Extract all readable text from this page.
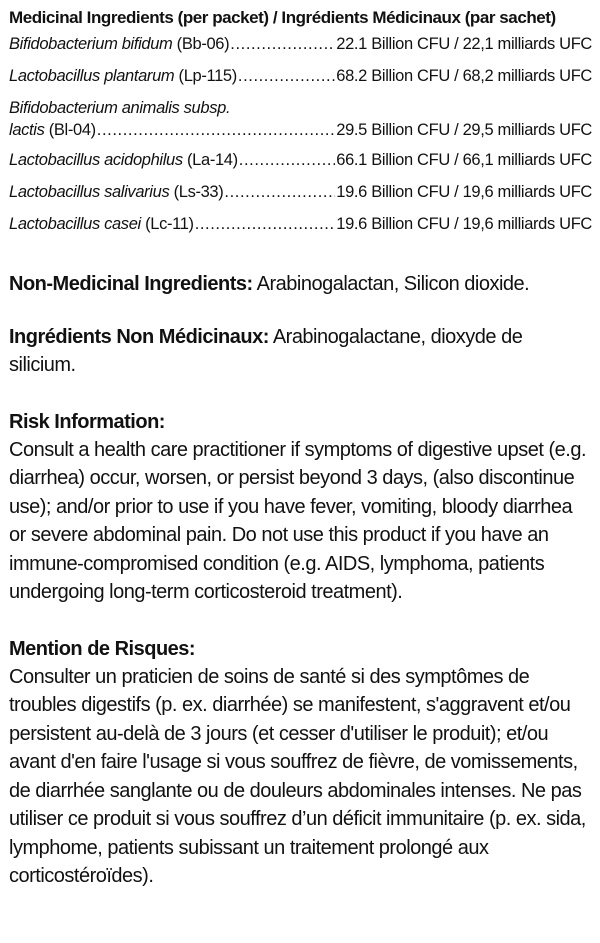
Medicinal Ingredients (per packet) / Ingrédients Médicinaux (par sachet)
Bifidobacterium bifidum (Bb-06) .....	22.1 Billion CFU / 22,1 milliards UFC
Lactobacillus plantarum (Lp-115) .....	68.2 Billion CFU / 68,2 milliards UFC
Bifidobacterium animalis subsp.
lactis (Bl-04) .....	29.5 Billion CFU / 29,5 milliards UFC
Lactobacillus acidophilus (La-14) .....	66.1 Billion CFU / 66,1 milliards UFC
Lactobacillus salivarius (Ls-33) .....	19.6 Billion CFU / 19,6 milliards UFC
Lactobacillus casei (Lc-11) .....	19.6 Billion CFU / 19,6 milliards UFC

Non-Medicinal Ingredients: Arabinogalactan, Silicon dioxide.

Ingrédients Non Médicinaux: Arabinogalactane, dioxyde de silicium.

Risk Information:

Consult a health care practitioner if symptoms of digestive upset (e.g. diarrhea) occur, worsen, or persist beyond 3 days, (also discontinue use); and/or prior to use if you have fever, vomiting, bloody diarrhea or severe abdominal pain. Do not use this product if you have an immune-compromised condition (e.g. AIDS, lymphoma, patients undergoing long-term corticosteroid treatment).

Mention de Risques:

Consulter un praticien de soins de santé si des symptômes de troubles digestifs (p. ex. diarrhée) se manifestent, s'aggravent et/ou persistent au-delà de 3 jours (et cesser d'utiliser le produit); et/ou avant d'en faire l'usage si vous souffrez de fièvre, de vomissements, de diarrhée sanglante ou de douleurs abdominales intenses. Ne pas utiliser ce produit si vous souffrez d’un déficit immunitaire (p. ex. sida, lymphome, patients subissant un traitement prolongé aux corticostéroïdes).
